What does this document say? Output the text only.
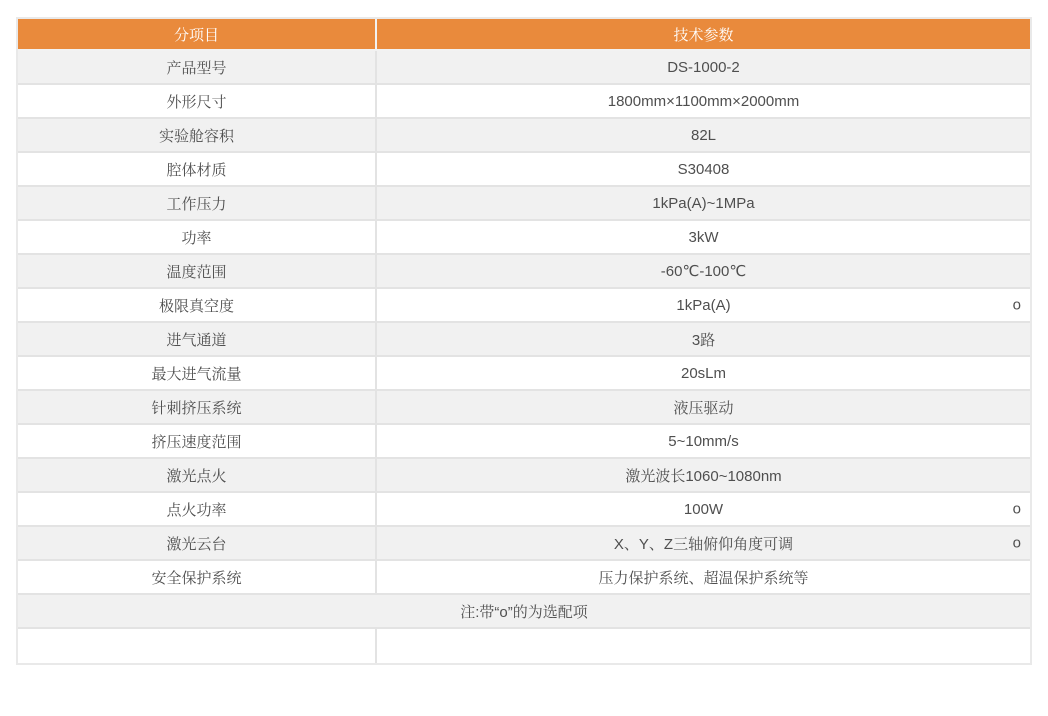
分项目	技术参数
产品型号	DS-1000-2

外形尺寸	1800mm×1100mm×2000mm

实验舱容积	82L

腔体材质	S30408

工作压力	1kPa(A)~1MPa

功率	3kW

温度范围	-60℃-100℃

极限真空度	1kPa(A) o

进气通道	3路

最大进气流量	20sLm

针刺挤压系统	液压驱动

挤压速度范围	5~10mm/s

激光点火	激光波长1060~1080nm

点火功率	100W o

激光云台	X、Y、Z三轴俯仰角度可调 o

安全保护系统	压力保护系统、超温保护系统等

注:带“o”的为选配项	
